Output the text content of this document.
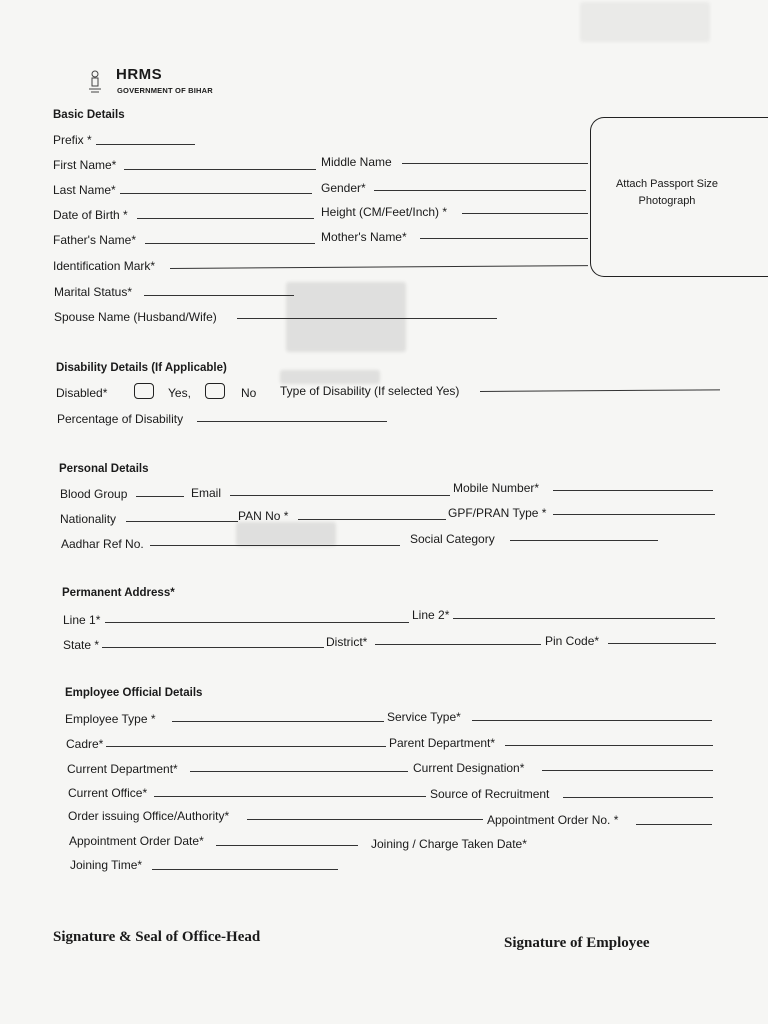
HRMS
GOVERNMENT OF BIHAR
Attach Passport Size Photograph
Basic Details
Prefix *
First Name*	Middle Name
Last Name*	Gender*
Date of Birth *	Height (CM/Feet/Inch) *
Father's Name*	Mother's Name*
Identification Mark*
Marital Status*
Spouse Name (Husband/Wife)
Disability Details (If Applicable)
Disabled*	Yes,	No Type of Disability (If selected Yes)
Percentage of Disability
Personal Details
Blood Group	Email	Mobile Number*
Nationality	PAN No *	GPF/PRAN Type *
Aadhar Ref No.	Social Category
Permanent Address*
Line 1*	Line 2*
State *	District*	Pin Code*
Employee Official Details
Employee Type *	Service Type*
Cadre*	Parent Department*
Current Department*	Current Designation*
Current Office*	Source of Recruitment
Order issuing Office/Authority*	Appointment Order No. *
Appointment Order Date*	Joining / Charge Taken Date*
Joining Time*
Signature & Seal of Office-Head	Signature of Employee
